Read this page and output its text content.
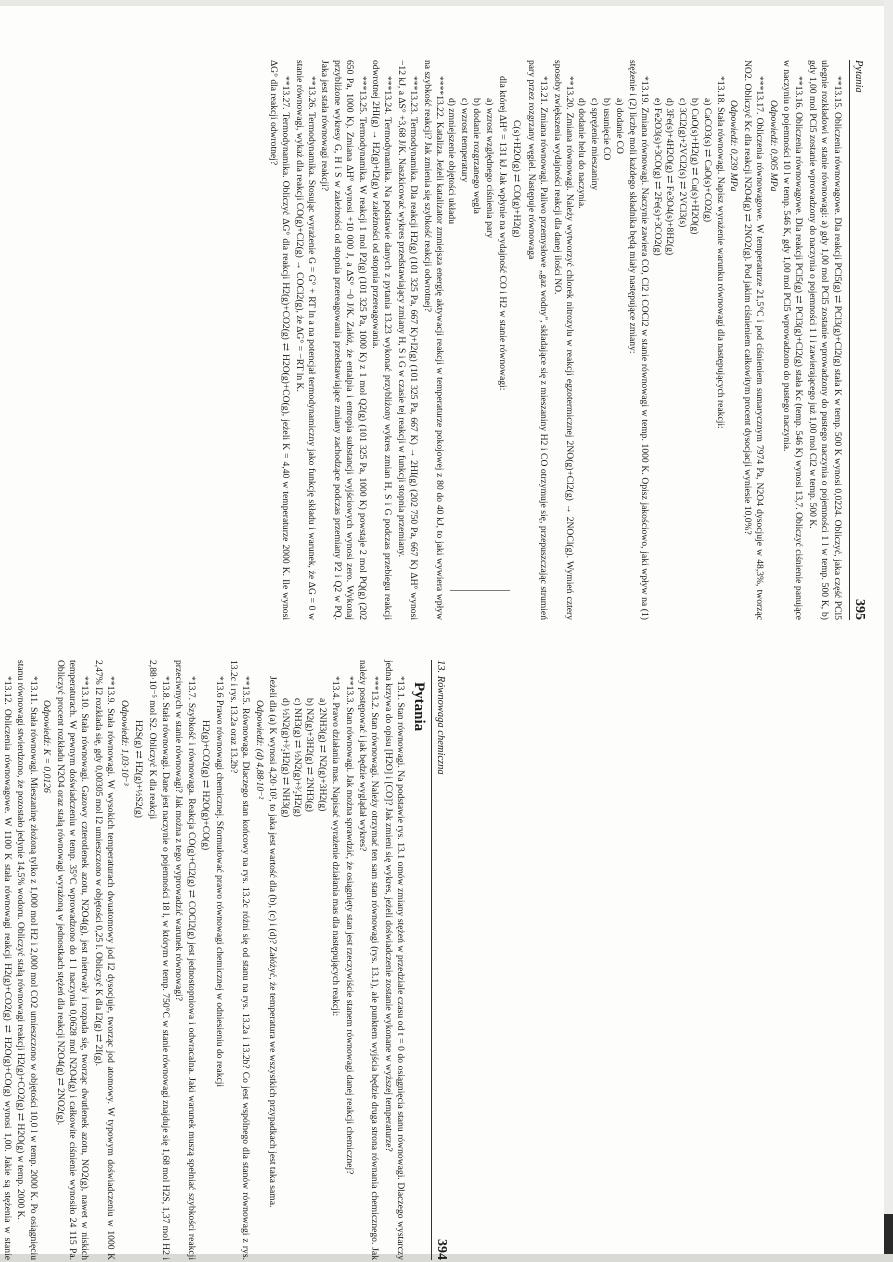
13. Równowaga chemiczna
394
Pytania

*13.1. Stan równowagi. Na podstawie rys. 13.1 omów zmiany stężeń w przedziale czasu od t = 0 do osiągnięcia stanu równowagi. Dlaczego wystarczy jedna krzywa do opisu [H2O] i [CO]? Jak zmieni się wykres, jeżeli doświadczenie zostanie wykonane w wyższej temperaturze?

***13.2. Stan równowagi. Należy otrzymać ten sam stan równowagi (rys. 13.1), ale punktem wyjścia będzie druga strona równania chemicznego. Jak należy postępować i jak będzie wyglądał wykres?

**13.3. Stan równowagi. Jak można sprawdzić, że osiągnięty stan jest rzeczywiście stanem równowagi danej reakcji chemicznej?

*13.4. Prawo działania mas. Napisać wyrażenie działania mas dla następujących reakcji:

a) 2NH3(g) ⇄ N2(g)+3H2(g)

b) N2(g)+3H2(g) ⇄ 2NH3(g)

c) NH3(g) ⇄ ½N2(g)+³⁄₂H2(g)

d) ½N2(g)+³⁄₂H2(g) ⇄ NH3(g)

Jeżeli dla (a) K wynosi 4,20·10², to jaka jest wartość dla (b), (c) i (d)? Załóżyć, że temperatura we wszystkich przypadkach jest taka sama.

Odpowiedź: (d) 4,88·10⁻²

**13.5. Równowaga. Dlaczego stan końcowy na rys. 13.2c różni się od stanu na rys. 13.2a i 13.2b? Co jest wspólnego dla stanów równowagi z rys. 13.2c i rys. 13.2a oraz 13.2b?

*13.6 Prawo równowagi chemicznej. Sformułować prawo równowagi chemicznej w odniesieniu do reakcji

H2(g)+CO2(g) ⇄ H2O(g)+CO(g)

*13.7. Szybkość i równowaga. Reakcja CO(g)+Cl2(g) ⇄ COCl2(g) jest jednostopniowa i odwracalna. Jaki warunek muszą spełniać szybkości reakcji przeciwnych w stanie równowagi? Jak można z tego wyprowadzić warunek równowagi?

*13.8. Stała równowagi. Dane jest naczynie o pojemności 18 l, w którym w temp. 750°C w stanie równowagi znajduje się 1,68 mol H2S, 1,37 mol H2 i 2,88·10⁻⁵ mol S2. Obliczyć K dla reakcji

H2S(g) ⇄ H2(g)+½S2(g)

Odpowiedź: 1,03·10⁻³

**13.9. Stała równowagi. W wysokich temperaturach dwuatomowy jod I2 dysocjuje, tworząc jod atomowy. W typowym doświadczeniu w 1000 K 2,47% I2 rozkłada się, gdy 0,00305 mol I2 umieszczono w objętości 0,25 l. Obliczyć K dla I2(g) ⇄ 2I(g).

**13.10. Stała równowagi. Gazowy czterotlenek azotu, N2O4(g), jest nietrwały i rozpada się, tworząc dwutlenek azotu, NO2(g), nawet w niskich temperaturach. W pewnym doświadczeniu w temp. 35°C wprowadzono do 1 l naczynia 0,0628 mol N2O4(g) i całkowite ciśnienie wynosiło 24 115 Pa. Obliczyć procent rozkładu N2O4 oraz stałą równowagi wyrażoną w jednostkach stężeń dla reakcji N2O4(g) ⇄ 2NO2(g).

Odpowiedź: K = 0,0126

*13.11. Stała równowagi. Mieszaninę złożoną tylko z 1,000 mol H2 i 2,000 mol CO2 umieszczono w objętości 10,0 l w temp. 2000 K. Po osiągnięciu stanu równowagi stwierdzono, że pozostało jedynie 14,5% wodoru. Obliczyć stałą równowagi reakcji H2(g)+CO2(g) ⇄ H2O(g) w temp. 2000 K.

*13.12. Obliczenia równowagowe. W 1100 K stała równowagi reakcji H2(g)+CO2(g) ⇄ H2O(g)+CO(g) wynosi 1,00. Jakie są stężenia w stanie

Pytania
395

**13.15. Obliczenia równowagowe. Dla reakcji PCl5(g) ⇄ PCl3(g)+Cl2(g) stała K w temp. 500 K wynosi 0,0224. Obliczyć, jaka część PCl5 ulegnie rozkładowi w stanie równowagi: a) gdy 1,00 mol PCl5 zostanie wprowadzony do pustego naczynia o pojemności 1 l w temp. 500 K, b) gdy 1,00 mol PCl5 zostanie wprowadzony do naczynia o pojemności 1 l i zawierającego już 1,00 mol Cl2 w temp. 500 K.

**13.16. Obliczenia równowagowe. Dla reakcji PCl5(g) ⇄ PCl3(g)+Cl2(g) stała Kc (temp. 546 K) wynosi 13,7. Obliczyć ciśnienie panujące w naczyniu o pojemności 10 l w temp. 546 K, gdy 1,00 mol PCl5 wprowadzono do pustego naczynia.

Odpowiedź: 0,905 MPa

***13.17. Obliczenia równowagowe. W temperaturze 21,5°C i pod ciśnieniem sumarycznym 7974 Pa, N2O4 dysocjuje w 48,3%, tworząc NO2. Obliczyć Kc dla reakcji N2O4(g) ⇄ 2NO2(g). Pod jakim ciśnieniem całkowitym procent dysocjacji wyniesie 10,0%?

Odpowiedź: 0,239 MPa

*13.18. Stała równowagi. Napisz wyrażenie warunku równowagi dla następujących reakcji:

a) CaCO3(s) ⇄ CaO(s)+CO2(g)

b) CuO(s)+H2(g) ⇄ Cu(s)+H2O(g)

c) 3Cl2(g)+2VCl2(s) ⇄ 2VCl3(s)

d) 3Fe(s)+4H2O(g) ⇄ Fe3O4(s)+8H2(g)

e) Fe2O3(s)+3CO(g) ⇄ 2Fe(s)+3CO2(g)

*13.19. Zmiana równowagi. Naczynie zawiera CO, Cl2 i COCl2 w stanie równowagi w temp. 1000 K. Opisz jakościowo, jaki wpływ na (1) stężenie i (2) liczbę moli każdego składnika będą miały następujące zmiany:

a) dodanie CO

b) usunięcie CO

c) sprężenie mieszaniny

d) dodanie helu do naczynia.

**13.20. Zmiana równowagi. Należy wytworzyć chlorek nitrozylu w reakcji egzotermicznej 2NO(g)+Cl2(g) → 2NOCl(g). Wymień cztery sposoby zwiększenia wydajności reakcji dla danej ilości NO.

*13.21. Zmiana równowagi. Paliwo przemysłowe „gaz wodny", składające się z mieszaniny H2 i CO otrzymuje się, przepuszczając strumień pary przez rozgrzany węgiel. Następuje równowaga

C(s)+H2O(g) ⇄ CO(g)+H2(g)

dla której ΔH° = 131 kJ. Jak wpłynie na wydajność CO i H2 w stanie równowagi:

a) wzrost względnego ciśnienia pary

b) dodanie rozgrzanego węgla

c) wzrost temperatury

d) zmniejszenie objętości układu

****13.22. Kataliza. Jeżeli katalizator zmniejsza energię aktywacji reakcji w temperaturze pokojowej z 80 do 40 kJ, to jaki wywiera wpływ na szybkość reakcji? Jak zmienia się szybkość reakcji odwrotnej?

***13.23. Termodynamika. Dla reakcji H2(g) (101 325 Pa, 667 K)+I2(g) (101 325 Pa, 667 K) → 2HI(g) (202 750 Pa, 667 K) ΔH° wynosi −12 kJ, a ΔS° +3,68 J/K. Naszkicować wykres przedstawiający zmiany H, S i G w czasie tej reakcji w funkcji stopnia przemiany.

***13.24. Termodynamika. Na podstawie danych z pytania 13.23 wykonać przybliżony wykres zmian H, S i G podczas przebiegu reakcji odwrotnej 2HI(g) → H2(g)+I2(g) w zależności od stopnia przereagowania.

***13.25. Termodynamika. W reakcji 1 mol P2(g) (101 325 Pa, 1000 K) z 1 mol Q2(g) (101 325 Pa, 1000 K) powstaje 2 mol PQ(g) (202 650 Pa, 1000 K). Zmiana ΔH° wynosi +10 000 J, a ΔS° −0 J/K. Załóż, że entalpia i entropia substancji wyjściowych wynosi zero. Wykonaj przybliżone wykresy G, H i S w zależności od stopnia przereagowania przedstawiające zmiany zachodzące podczas przemiany P2 i Q2 w PQ. Jaka jest stała równowagi reakcji?

**13.26. Termodynamika. Stosując wyrażenie G = G° + RT ln a na potencjał termodynamiczny jako funkcję składu i warunek, że ΔG = 0 w stanie równowagi, wykaż dla reakcji CO(g)+Cl2(g) → COCl2(g), że ΔG° = −RT ln K.

**13.27. Termodynamika. Obliczyć ΔG° dla reakcji H2(g)+CO2(g) ⇄ H2O(g)+CO(g), jeżeli K = 4,40 w temperaturze 2000 K. Ile wynosi ΔG° dla reakcji odwrotnej?
